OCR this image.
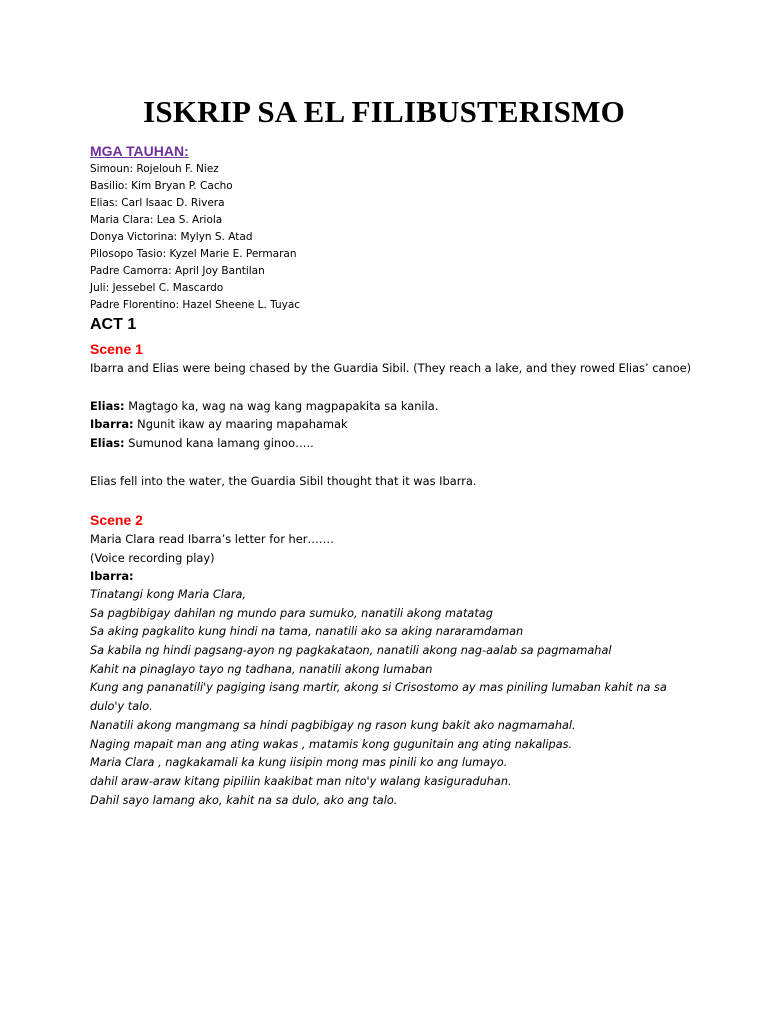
ISKRIP SA EL FILIBUSTERISMO

MGA TAUHAN:

Simoun: Rojelouh F. Niez
Basilio: Kim Bryan P. Cacho
Elias: Carl Isaac D. Rivera
Maria Clara: Lea S. Ariola
Donya Victorina: Mylyn S. Atad
Pilosopo Tasio: Kyzel Marie E. Permaran
Padre Camorra: April Joy Bantilan
Juli: Jessebel C. Mascardo
Padre Florentino: Hazel Sheene L. Tuyac
ACT 1
Scene 1

Ibarra and Elias were being chased by the Guardia Sibil. (They reach a lake, and they rowed Elias’ canoe)

Elias: Magtago ka, wag na wag kang magpapakita sa kanila.

Ibarra: Ngunit ikaw ay maaring mapahamak

Elias: Sumunod kana lamang ginoo…..

Elias fell into the water, the Guardia Sibil thought that it was Ibarra.

Scene 2

Maria Clara read Ibarra’s letter for her…….

(Voice recording play)

Ibarra:

Tinatangi kong Maria Clara,
Sa pagbibigay dahilan ng mundo para sumuko, nanatili akong matatag
Sa aking pagkalito kung hindi na tama, nanatili ako sa aking nararamdaman
Sa kabila ng hindi pagsang-ayon ng pagkakataon, nanatili akong nag-aalab sa pagmamahal
Kahit na pinaglayo tayo ng tadhana, nanatili akong lumaban
Kung ang pananatili'y pagiging isang martir, akong si Crisostomo ay mas piniling lumaban kahit na sa
dulo'y talo.
Nanatili akong mangmang sa hindi pagbibigay ng rason kung bakit ako nagmamahal.
Naging mapait man ang ating wakas , matamis kong gugunitain ang ating nakalipas.
Maria Clara , nagkakamali ka kung iisipin mong mas pinili ko ang lumayo.
dahil araw-araw kitang pipiliin kaakibat man nito'y walang kasiguraduhan.
Dahil sayo lamang ako, kahit na sa dulo, ako ang talo.
